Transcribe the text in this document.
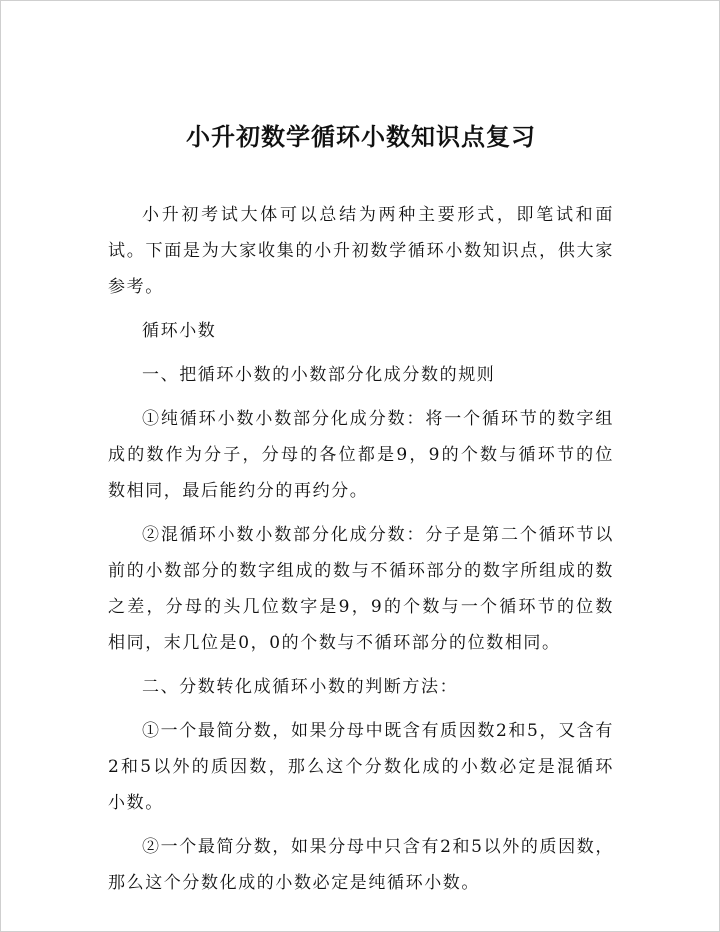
小升初数学循环小数知识点复习

小升初考试大体可以总结为两种主要形式，即笔试和面试。下面是为大家收集的小升初数学循环小数知识点，供大家参考。

循环小数

一、把循环小数的小数部分化成分数的规则

①纯循环小数小数部分化成分数：将一个循环节的数字组成的数作为分子，分母的各位都是9，9的个数与循环节的位数相同，最后能约分的再约分。

②混循环小数小数部分化成分数：分子是第二个循环节以前的小数部分的数字组成的数与不循环部分的数字所组成的数之差，分母的头几位数字是9，9的个数与一个循环节的位数相同，末几位是0，0的个数与不循环部分的位数相同。

二、分数转化成循环小数的判断方法：

①一个最简分数，如果分母中既含有质因数2和5，又含有2和5以外的质因数，那么这个分数化成的小数必定是混循环小数。

②一个最简分数，如果分母中只含有2和5以外的质因数，那么这个分数化成的小数必定是纯循环小数。
